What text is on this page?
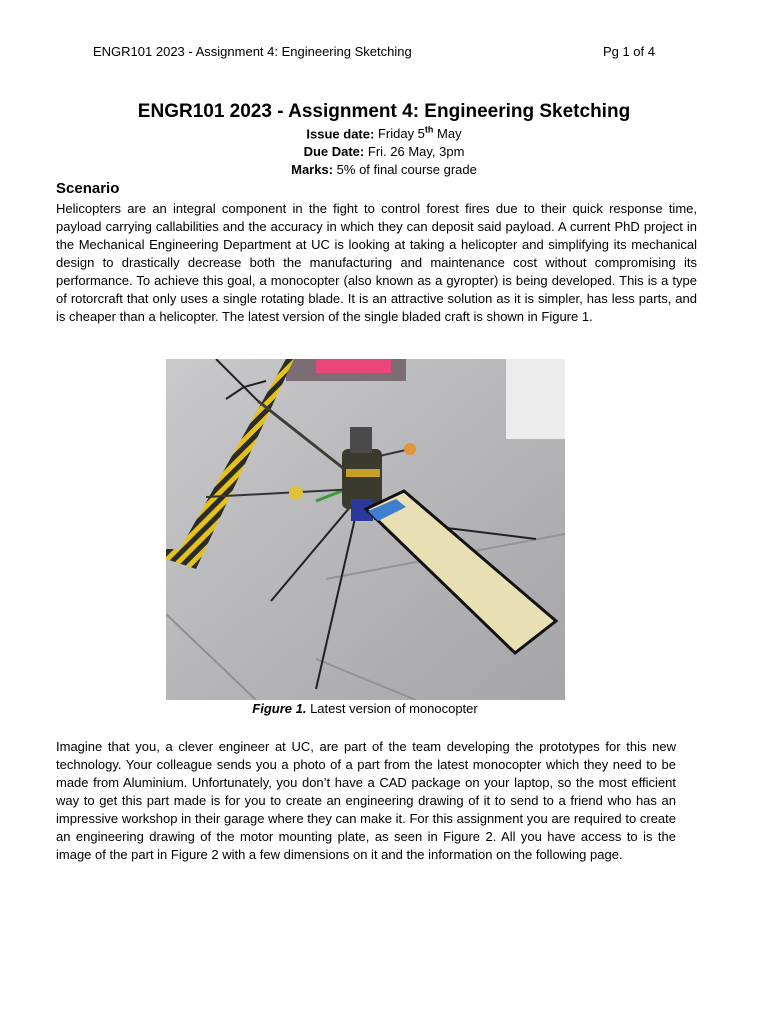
ENGR101 2023 - Assignment 4: Engineering Sketching	Pg 1 of 4
ENGR101 2023 - Assignment 4: Engineering Sketching
Issue date: Friday 5th May
Due Date: Fri. 26 May, 3pm
Marks: 5% of final course grade
Scenario
Helicopters are an integral component in the fight to control forest fires due to their quick response time, payload carrying callabilities and the accuracy in which they can deposit said payload. A current PhD project in the Mechanical Engineering Department at UC is looking at taking a helicopter and simplifying its mechanical design to drastically decrease both the manufacturing and maintenance cost without compromising its performance. To achieve this goal, a monocopter (also known as a gyropter) is being developed. This is a type of rotorcraft that only uses a single rotating blade. It is an attractive solution as it is simpler, has less parts, and is cheaper than a helicopter. The latest version of the single bladed craft is shown in Figure 1.
Figure 1. Latest version of monocopter
Imagine that you, a clever engineer at UC, are part of the team developing the prototypes for this new technology. Your colleague sends you a photo of a part from the latest monocopter which they need to be made from Aluminium. Unfortunately, you don’t have a CAD package on your laptop, so the most efficient way to get this part made is for you to create an engineering drawing of it to send to a friend who has an impressive workshop in their garage where they can make it. For this assignment you are required to create an engineering drawing of the motor mounting plate, as seen in Figure 2. All you have access to is the image of the part in Figure 2 with a few dimensions on it and the information on the following page.
